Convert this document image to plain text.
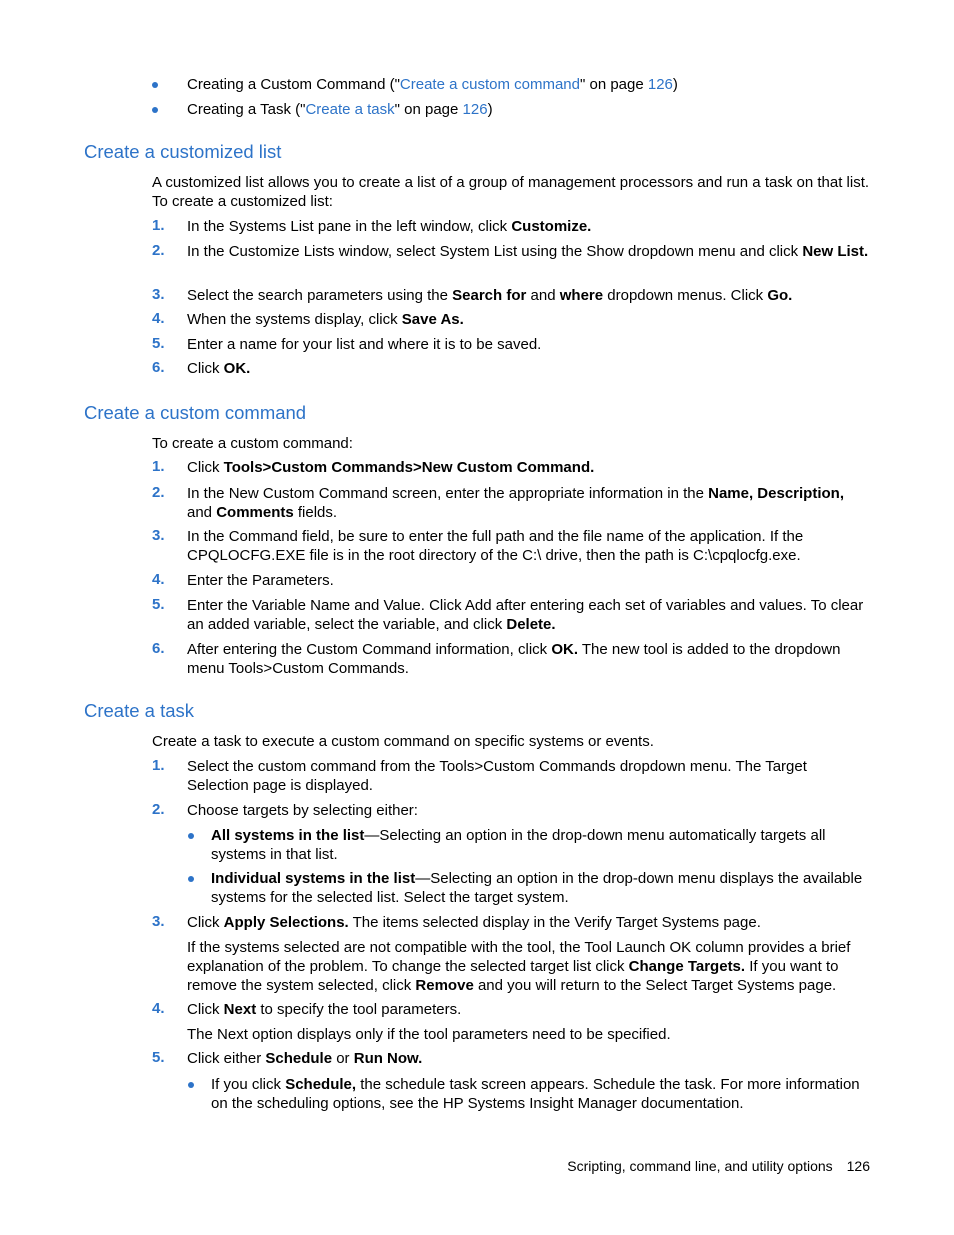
Creating a Custom Command ("Create a custom command" on page 126)
Creating a Task ("Create a task" on page 126)
Create a customized list
A customized list allows you to create a list of a group of management processors and run a task on that list. To create a customized list:
1. In the Systems List pane in the left window, click Customize.
2. In the Customize Lists window, select System List using the Show dropdown menu and click New List.
3. Select the search parameters using the Search for and where dropdown menus. Click Go.
4. When the systems display, click Save As.
5. Enter a name for your list and where it is to be saved.
6. Click OK.
Create a custom command
To create a custom command:
1. Click Tools>Custom Commands>New Custom Command.
2. In the New Custom Command screen, enter the appropriate information in the Name, Description, and Comments fields.
3. In the Command field, be sure to enter the full path and the file name of the application. If the CPQLOCFG.EXE file is in the root directory of the C:\ drive, then the path is C:\cpqlocfg.exe.
4. Enter the Parameters.
5. Enter the Variable Name and Value. Click Add after entering each set of variables and values. To clear an added variable, select the variable, and click Delete.
6. After entering the Custom Command information, click OK. The new tool is added to the dropdown menu Tools>Custom Commands.
Create a task
Create a task to execute a custom command on specific systems or events.
1. Select the custom command from the Tools>Custom Commands dropdown menu. The Target Selection page is displayed.
2. Choose targets by selecting either:
All systems in the list—Selecting an option in the drop-down menu automatically targets all systems in that list.
Individual systems in the list—Selecting an option in the drop-down menu displays the available systems for the selected list. Select the target system.
3. Click Apply Selections. The items selected display in the Verify Target Systems page.
If the systems selected are not compatible with the tool, the Tool Launch OK column provides a brief explanation of the problem. To change the selected target list click Change Targets. If you want to remove the system selected, click Remove and you will return to the Select Target Systems page.
4. Click Next to specify the tool parameters.
The Next option displays only if the tool parameters need to be specified.
5. Click either Schedule or Run Now.
If you click Schedule, the schedule task screen appears. Schedule the task. For more information on the scheduling options, see the HP Systems Insight Manager documentation.
Scripting, command line, and utility options 126
